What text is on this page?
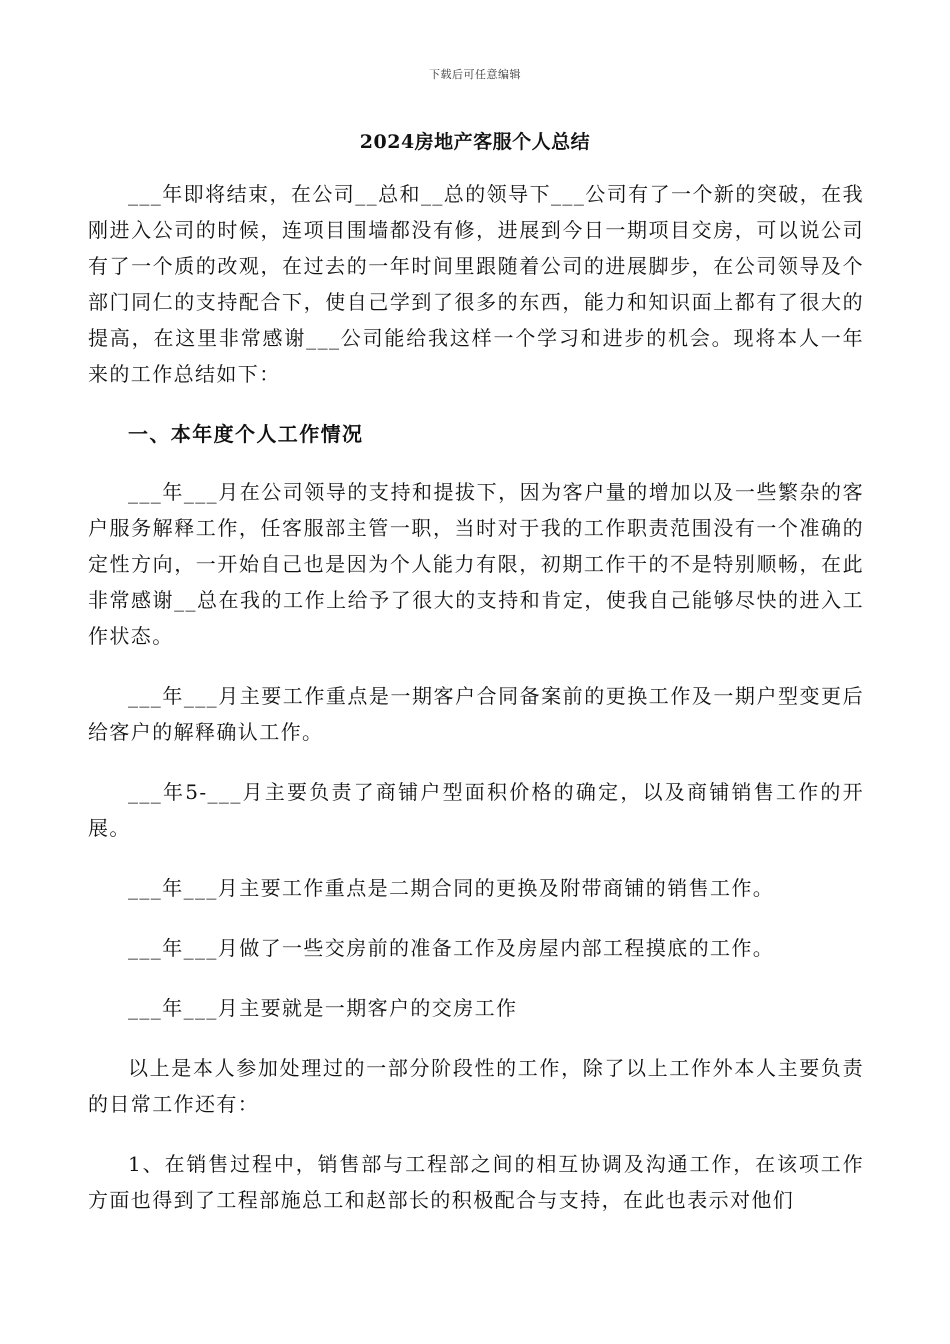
下载后可任意编辑
2024房地产客服个人总结

___年即将结束，在公司__总和__总的领导下___公司有了一个新的突破，在我刚进入公司的时候，连项目围墙都没有修，进展到今日一期项目交房，可以说公司有了一个质的改观，在过去的一年时间里跟随着公司的进展脚步，在公司领导及个部门同仁的支持配合下，使自己学到了很多的东西，能力和知识面上都有了很大的提高，在这里非常感谢___公司能给我这样一个学习和进步的机会。现将本人一年来的工作总结如下：

一、本年度个人工作情况

___年___月在公司领导的支持和提拔下，因为客户量的增加以及一些繁杂的客户服务解释工作，任客服部主管一职，当时对于我的工作职责范围没有一个准确的定性方向，一开始自己也是因为个人能力有限，初期工作干的不是特别顺畅，在此非常感谢__总在我的工作上给予了很大的支持和肯定，使我自己能够尽快的进入工作状态。

___年___月主要工作重点是一期客户合同备案前的更换工作及一期户型变更后给客户的解释确认工作。

___年5-___月主要负责了商铺户型面积价格的确定，以及商铺销售工作的开展。

___年___月主要工作重点是二期合同的更换及附带商铺的销售工作。

___年___月做了一些交房前的准备工作及房屋内部工程摸底的工作。

___年___月主要就是一期客户的交房工作

以上是本人参加处理过的一部分阶段性的工作，除了以上工作外本人主要负责的日常工作还有：

1、在销售过程中，销售部与工程部之间的相互协调及沟通工作，在该项工作方面也得到了工程部施总工和赵部长的积极配合与支持，在此也表示对他们
